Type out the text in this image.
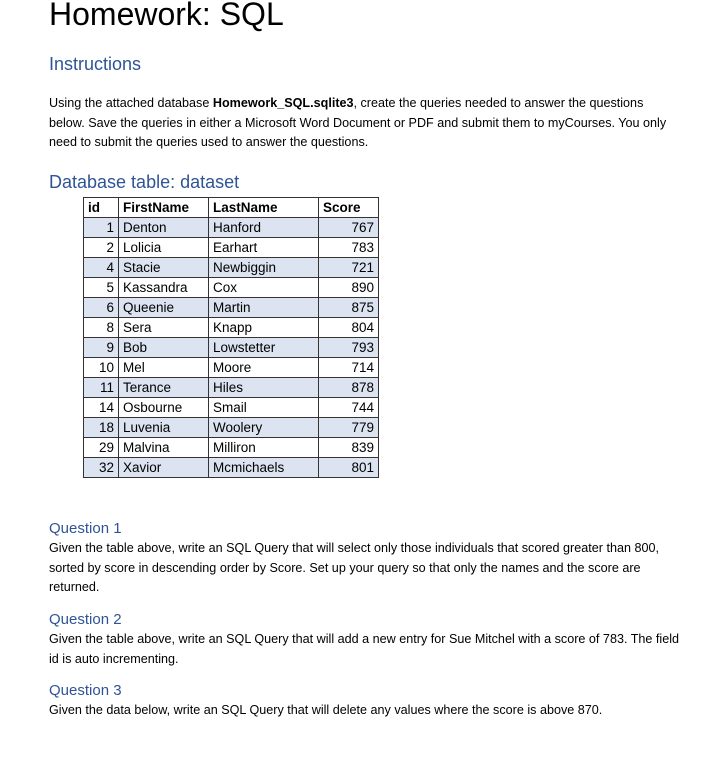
Homework: SQL
Instructions

Using the attached database Homework_SQL.sqlite3, create the queries needed to answer the questions below. Save the queries in either a Microsoft Word Document or PDF and submit them to myCourses. You only need to submit the queries used to answer the questions.

Database table: dataset
id	FirstName	LastName	Score
1	Denton	Hanford	767
2	Lolicia	Earhart	783
4	Stacie	Newbiggin	721
5	Kassandra	Cox	890
6	Queenie	Martin	875
8	Sera	Knapp	804
9	Bob	Lowstetter	793
10	Mel	Moore	714
11	Terance	Hiles	878
14	Osbourne	Smail	744
18	Luvenia	Woolery	779
29	Malvina	Milliron	839
32	Xavior	Mcmichaels	801
Question 1

Given the table above, write an SQL Query that will select only those individuals that scored greater than 800, sorted by score in descending order by Score. Set up your query so that only the names and the score are returned.

Question 2

Given the table above, write an SQL Query that will add a new entry for Sue Mitchel with a score of 783. The field id is auto incrementing.

Question 3

Given the data below, write an SQL Query that will delete any values where the score is above 870.
